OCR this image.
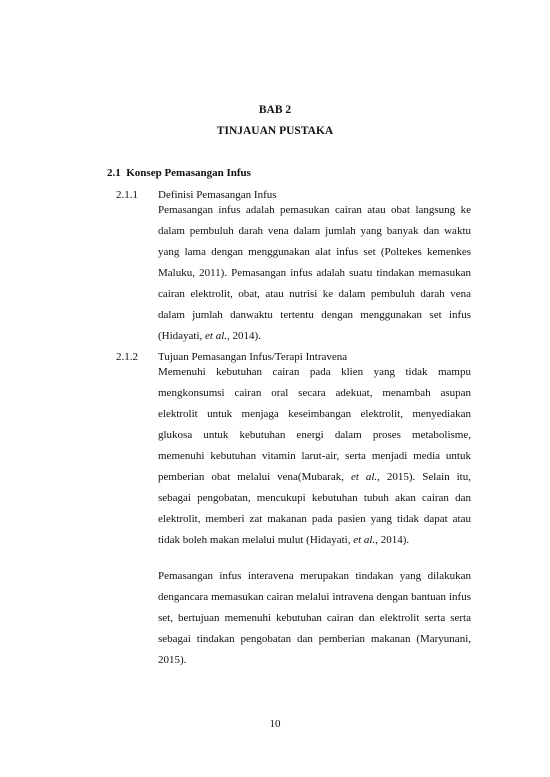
BAB 2
TINJAUAN PUSTAKA
2.1 Konsep Pemasangan Infus
2.1.1 Definisi Pemasangan Infus
Pemasangan infus adalah pemasukan cairan atau obat langsung ke
dalam pembuluh darah vena dalam jumlah yang banyak dan waktu
yang lama dengan menggunakan alat infus set (Poltekes kemenkes
Maluku, 2011). Pemasangan infus adalah suatu tindakan memasukan
cairan elektrolit, obat, atau nutrisi ke dalam pembuluh darah vena
dalam jumlah danwaktu tertentu dengan menggunakan set infus
(Hidayati, et al., 2014).
2.1.2 Tujuan Pemasangan Infus/Terapi Intravena
Memenuhi kebutuhan cairan pada klien yang tidak mampu
mengkonsumsi cairan oral secara adekuat, menambah asupan
elektrolit untuk menjaga keseimbangan elektrolit, menyediakan
glukosa untuk kebutuhan energi dalam proses metabolisme,
memenuhi kebutuhan vitamin larut-air, serta menjadi media untuk
pemberian obat melalui vena(Mubarak, et al., 2015). Selain itu,
sebagai pengobatan, mencukupi kebutuhan tubuh akan cairan dan
elektrolit, memberi zat makanan pada pasien yang tidak dapat atau
tidak boleh makan melalui mulut (Hidayati, et al., 2014).
Pemasangan infus interavena merupakan tindakan yang dilakukan
dengancara memasukan cairan melalui intravena dengan bantuan infus
set, bertujuan memenuhi kebutuhan cairan dan elektrolit serta serta
sebagai tindakan pengobatan dan pemberian makanan (Maryunani,
2015).
10
